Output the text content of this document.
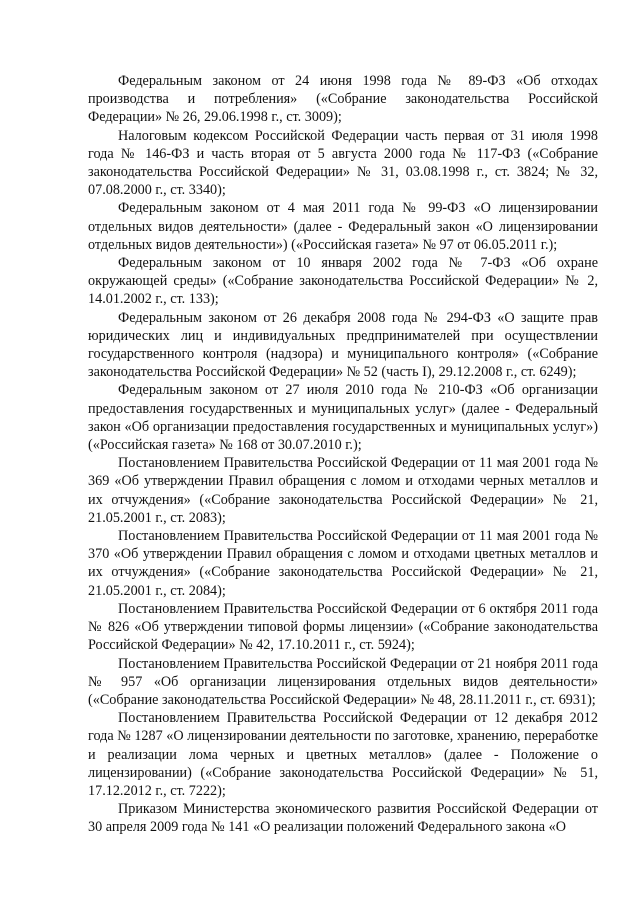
Федеральным законом от 24 июня 1998 года № 89-ФЗ «Об отходах производства и потребления» («Собрание законодательства Российской Федерации» № 26, 29.06.1998 г., ст. 3009);

Налоговым кодексом Российской Федерации часть первая от 31 июля 1998 года № 146-ФЗ и часть вторая от 5 августа 2000 года № 117-ФЗ («Собрание законодательства Российской Федерации» № 31, 03.08.1998 г., ст. 3824; № 32, 07.08.2000 г., ст. 3340);

Федеральным законом от 4 мая 2011 года № 99-ФЗ «О лицензировании отдельных видов деятельности» (далее - Федеральный закон «О лицензировании отдельных видов деятельности») («Российская газета» № 97 от 06.05.2011 г.);

Федеральным законом от 10 января 2002 года № 7-ФЗ «Об охране окружающей среды» («Собрание законодательства Российской Федерации» № 2, 14.01.2002 г., ст. 133);

Федеральным законом от 26 декабря 2008 года № 294-ФЗ «О защите прав юридических лиц и индивидуальных предпринимателей при осуществлении государственного контроля (надзора) и муниципального контроля» («Собрание законодательства Российской Федерации» № 52 (часть I), 29.12.2008 г., ст. 6249);

Федеральным законом от 27 июля 2010 года № 210-ФЗ «Об организации предоставления государственных и муниципальных услуг» (далее - Федеральный закон «Об организации предоставления государственных и муниципальных услуг») («Российская газета» № 168 от 30.07.2010 г.);

Постановлением Правительства Российской Федерации от 11 мая 2001 года № 369 «Об утверждении Правил обращения с ломом и отходами черных металлов и их отчуждения» («Собрание законодательства Российской Федерации» № 21, 21.05.2001 г., ст. 2083);

Постановлением Правительства Российской Федерации от 11 мая 2001 года № 370 «Об утверждении Правил обращения с ломом и отходами цветных металлов и их отчуждения» («Собрание законодательства Российской Федерации» № 21, 21.05.2001 г., ст. 2084);

Постановлением Правительства Российской Федерации от 6 октября 2011 года № 826 «Об утверждении типовой формы лицензии» («Собрание законодательства Российской Федерации» № 42, 17.10.2011 г., ст. 5924);

Постановлением Правительства Российской Федерации от 21 ноября 2011 года № 957 «Об организации лицензирования отдельных видов деятельности» («Собрание законодательства Российской Федерации» № 48, 28.11.2011 г., ст. 6931);

Постановлением Правительства Российской Федерации от 12 декабря 2012 года № 1287 «О лицензировании деятельности по заготовке, хранению, переработке и реализации лома черных и цветных металлов» (далее - Положение о лицензировании) («Собрание законодательства Российской Федерации» № 51, 17.12.2012 г., ст. 7222);

Приказом Министерства экономического развития Российской Федерации от 30 апреля 2009 года № 141 «О реализации положений Федерального закона «О
